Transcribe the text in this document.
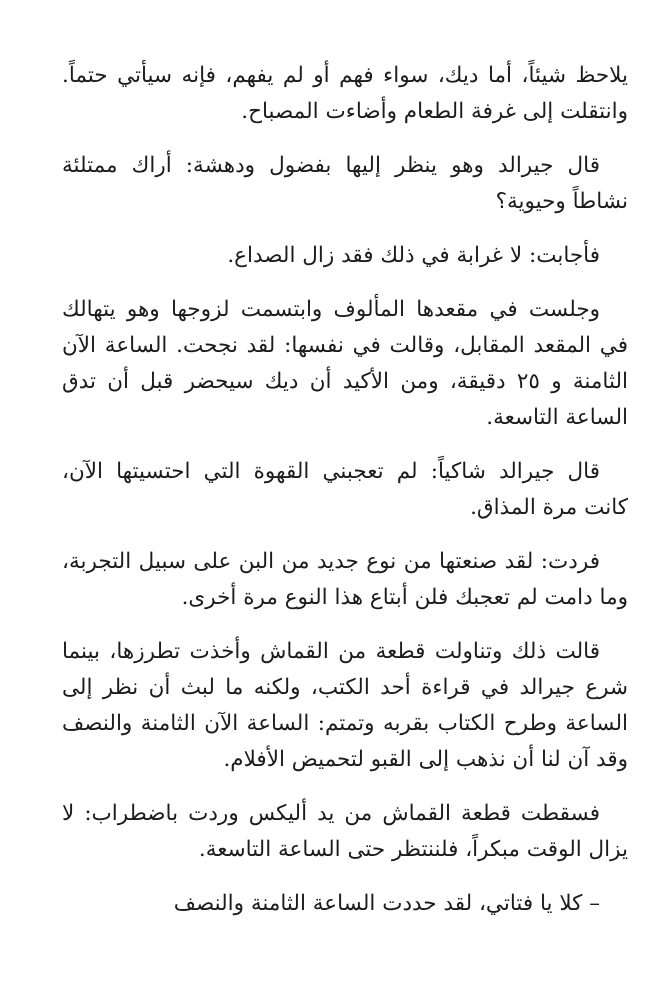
يلاحظ شيئاً، أما ديك، سواء فهم أو لم يفهم، فإنه سيأتي حتماً. وانتقلت إلى غرفة الطعام وأضاءت المصباح.

قال جيرالد وهو ينظر إليها بفضول ودهشة: أراك ممتلئة نشاطاً وحيوية؟

فأجابت: لا غرابة في ذلك فقد زال الصداع.

وجلست في مقعدها المألوف وابتسمت لزوجها وهو يتهالك في المقعد المقابل، وقالت في نفسها: لقد نجحت. الساعة الآن الثامنة و ٢٥ دقيقة، ومن الأكيد أن ديك سيحضر قبل أن تدق الساعة التاسعة.

قال جيرالد شاكياً: لم تعجبني القهوة التي احتسيتها الآن، كانت مرة المذاق.

فردت: لقد صنعتها من نوع جديد من البن على سبيل التجربة، وما دامت لم تعجبك فلن أبتاع هذا النوع مرة أخرى.

قالت ذلك وتناولت قطعة من القماش وأخذت تطرزها، بينما شرع جيرالد في قراءة أحد الكتب، ولكنه ما لبث أن نظر إلى الساعة وطرح الكتاب بقربه وتمتم: الساعة الآن الثامنة والنصف وقد آن لنا أن نذهب إلى القبو لتحميض الأفلام.

فسقطت قطعة القماش من يد أليكس وردت باضطراب: لا يزال الوقت مبكراً، فلننتظر حتى الساعة التاسعة.

– كلا يا فتاتي، لقد حددت الساعة الثامنة والنصف
